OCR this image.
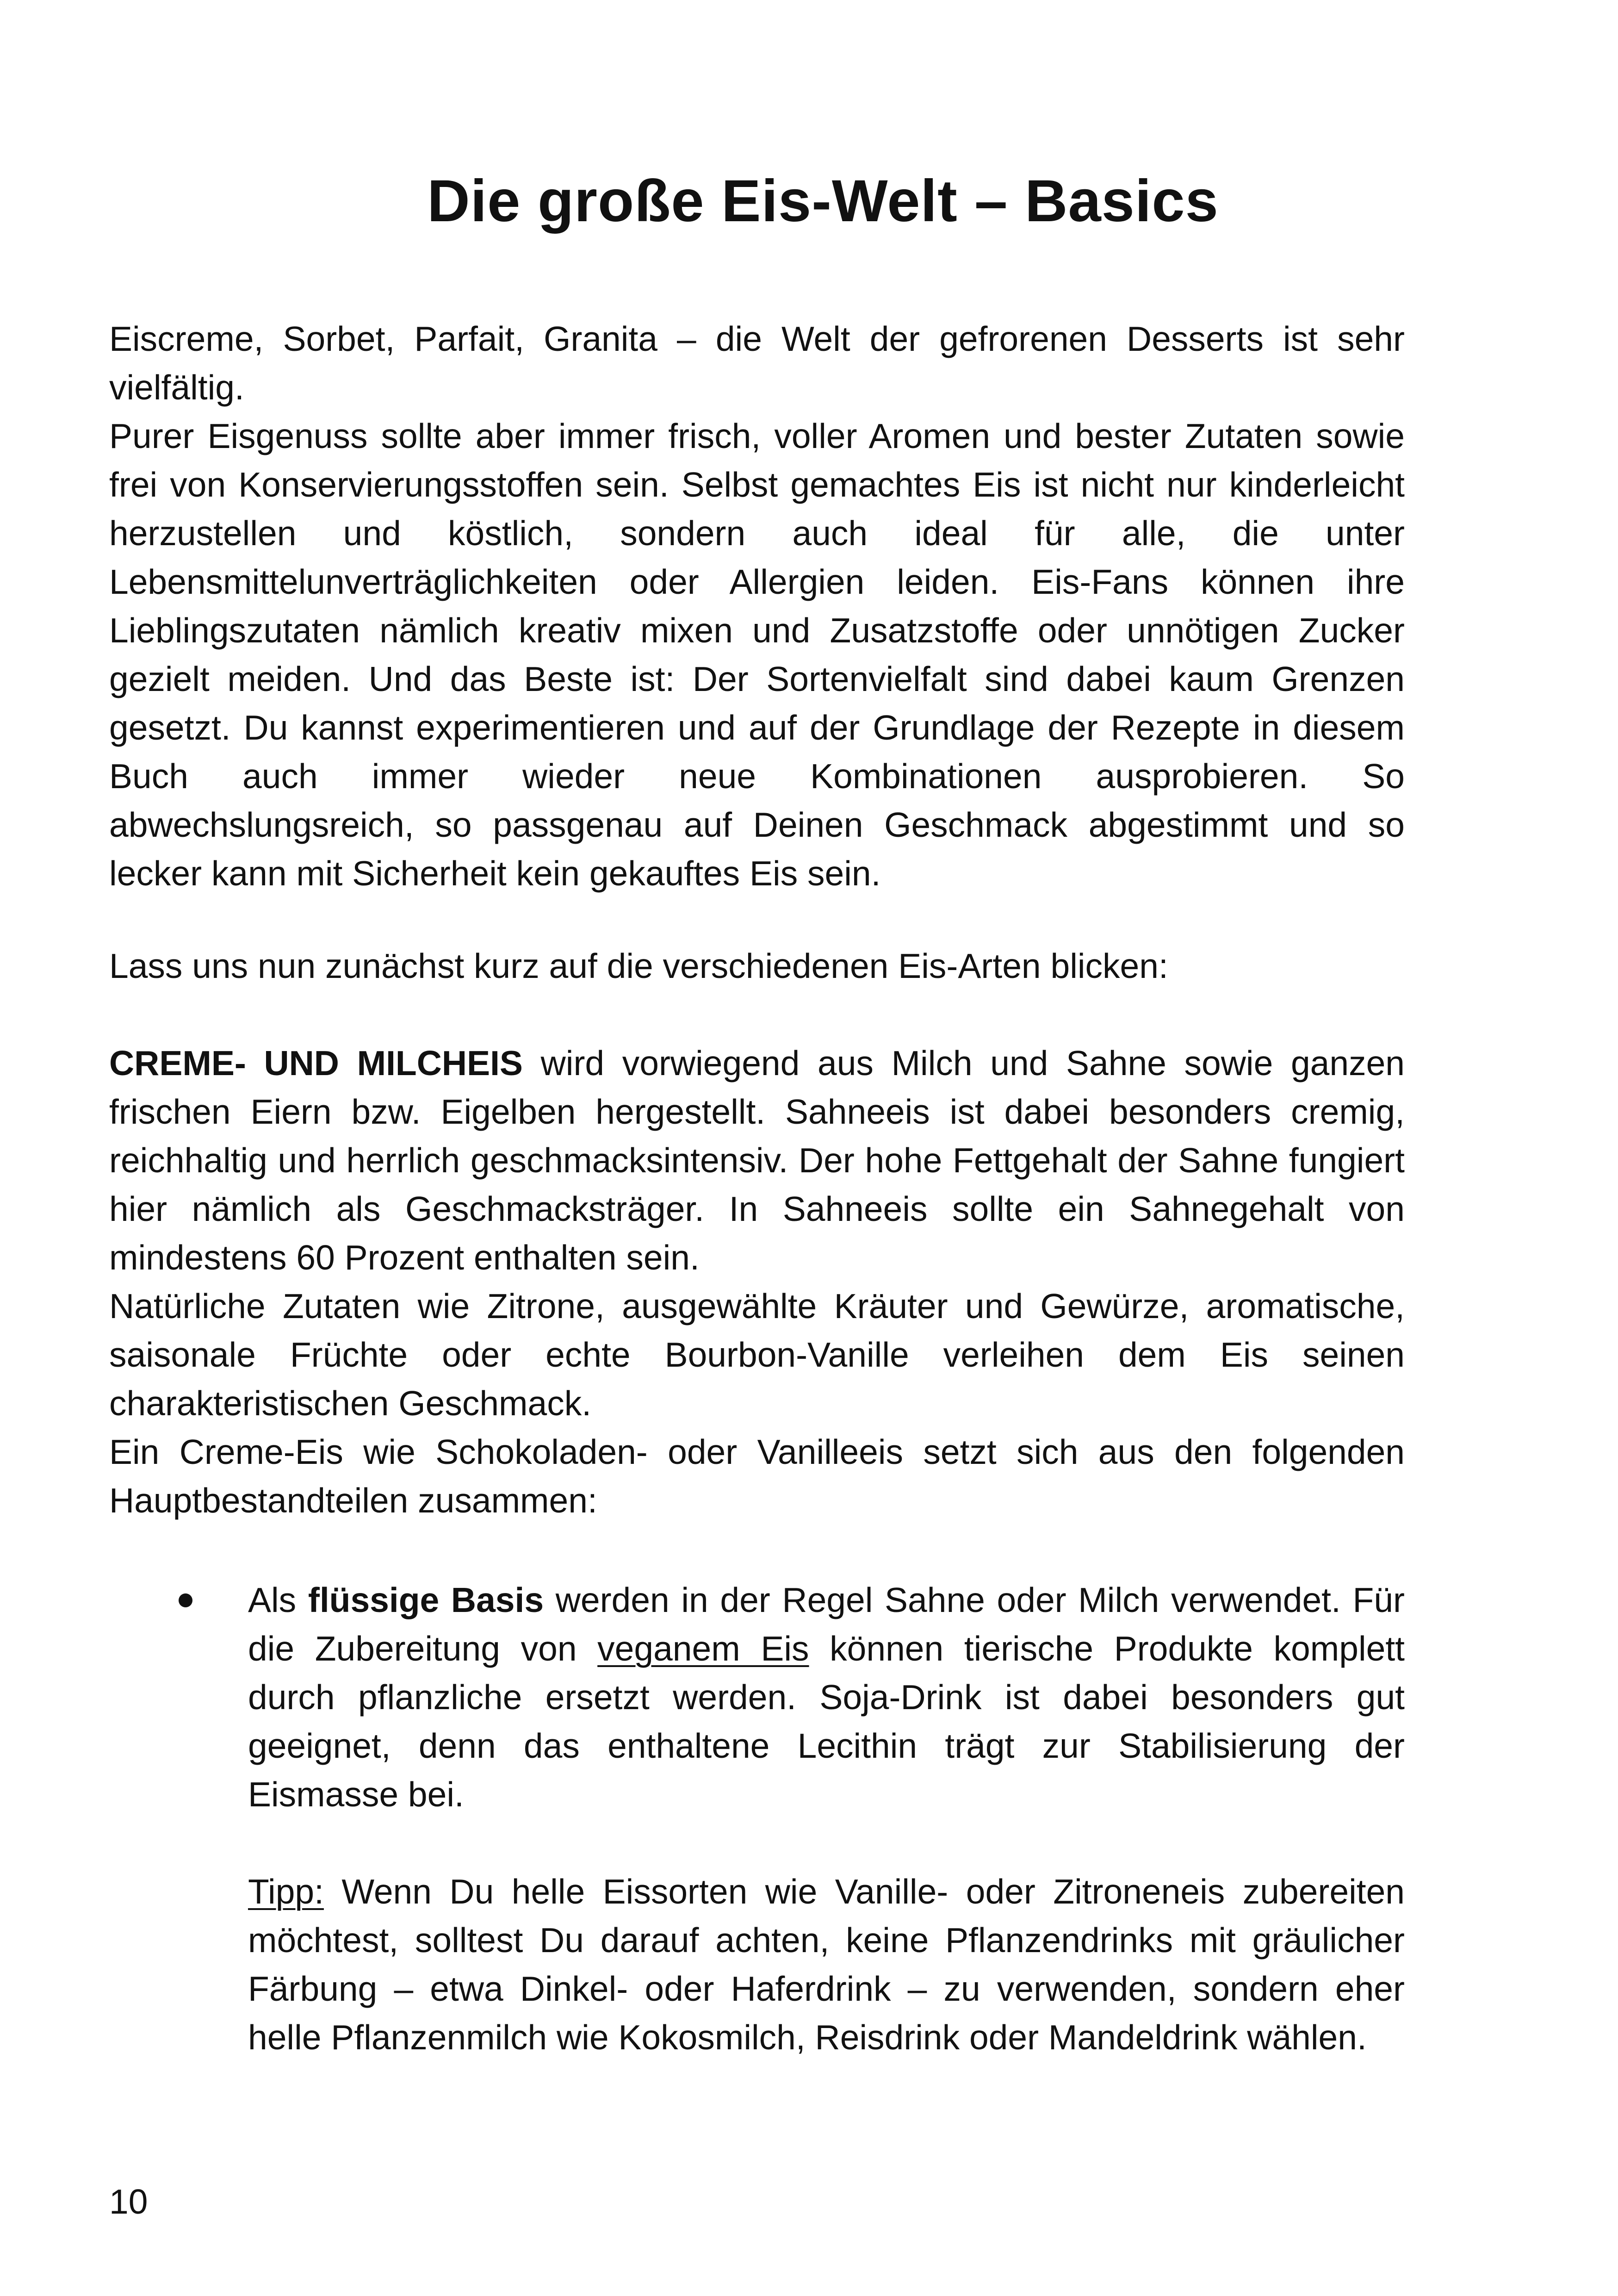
Die große Eis-Welt – Basics

Eiscreme, Sorbet, Parfait, Granita – die Welt der gefrorenen Desserts ist sehr vielfältig.

Purer Eisgenuss sollte aber immer frisch, voller Aromen und bester Zutaten sowie frei von Konservierungsstoffen sein. Selbst gemachtes Eis ist nicht nur kinderleicht herzustellen und köstlich, sondern auch ideal für alle, die unter Lebensmittelunverträglichkeiten oder Allergien leiden. Eis-Fans können ihre Lieblingszutaten nämlich kreativ mixen und Zusatzstoffe oder unnötigen Zucker gezielt meiden. Und das Beste ist: Der Sortenvielfalt sind dabei kaum Grenzen gesetzt. Du kannst experimentieren und auf der Grundlage der Rezepte in diesem Buch auch immer wieder neue Kombinationen ausprobieren. So abwechslungsreich, so passgenau auf Deinen Geschmack abgestimmt und so lecker kann mit Sicherheit kein gekauftes Eis sein.

Lass uns nun zunächst kurz auf die verschiedenen Eis-Arten blicken:

CREME- UND MILCHEIS wird vorwiegend aus Milch und Sahne sowie ganzen frischen Eiern bzw. Eigelben hergestellt. Sahneeis ist dabei besonders cremig, reichhaltig und herrlich geschmacksintensiv. Der hohe Fettgehalt der Sahne fungiert hier nämlich als Geschmacksträger. In Sahneeis sollte ein Sahnegehalt von mindestens 60 Prozent enthalten sein.

Natürliche Zutaten wie Zitrone, ausgewählte Kräuter und Gewürze, aromatische, saisonale Früchte oder echte Bourbon-Vanille verleihen dem Eis seinen charakteristischen Geschmack.

Ein Creme-Eis wie Schokoladen- oder Vanilleeis setzt sich aus den folgenden Hauptbestandteilen zusammen:

Als flüssige Basis werden in der Regel Sahne oder Milch verwendet. Für die Zubereitung von veganem Eis können tierische Produkte komplett durch pflanzliche ersetzt werden. Soja-Drink ist dabei besonders gut geeignet, denn das enthaltene Lecithin trägt zur Stabilisierung der Eismasse bei.

Tipp: Wenn Du helle Eissorten wie Vanille- oder Zitroneneis zubereiten möchtest, solltest Du darauf achten, keine Pflanzendrinks mit gräulicher Färbung – etwa Dinkel- oder Haferdrink – zu verwenden, sondern eher helle Pflanzenmilch wie Kokosmilch, Reisdrink oder Mandeldrink wählen.

10
